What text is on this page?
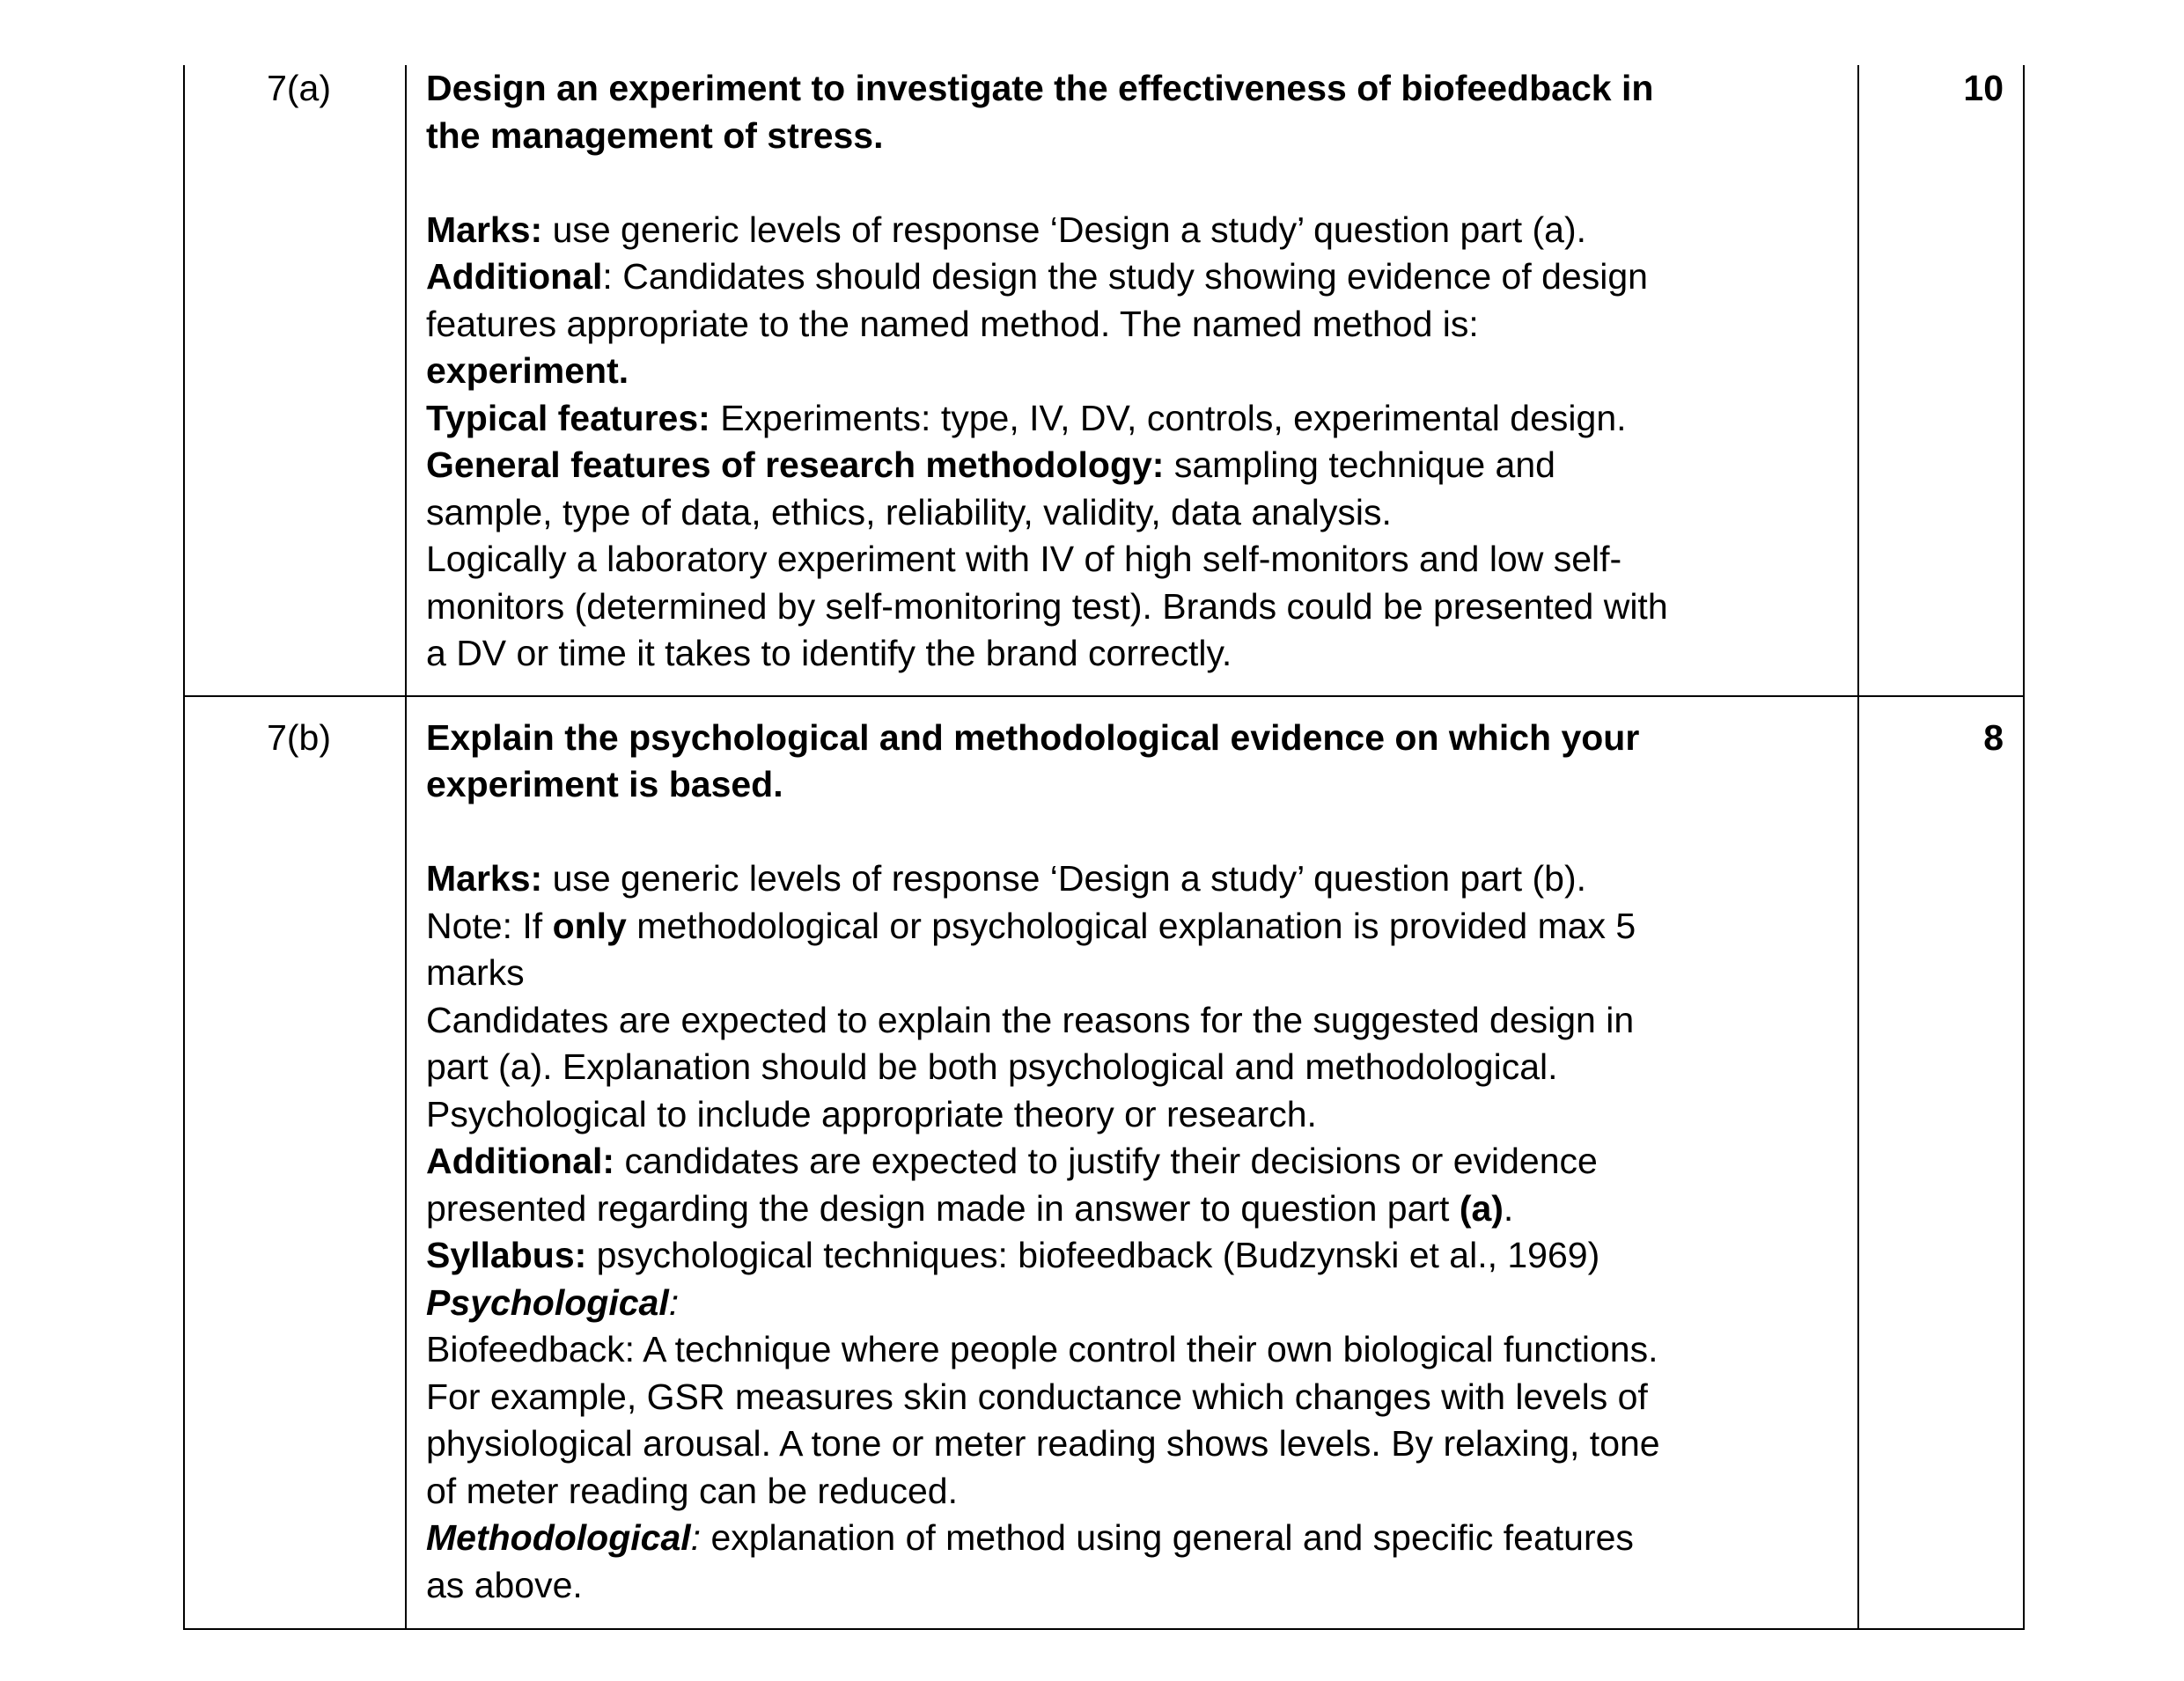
7(a)	Design an experiment to investigate the effectiveness of biofeedback in
the management of stress.
Marks: use generic levels of response ‘Design a study’ question part (a).
Additional: Candidates should design the study showing evidence of design
features appropriate to the named method. The named method is:
experiment.
Typical features: Experiments: type, IV, DV, controls, experimental design.
General features of research methodology: sampling technique and
sample, type of data, ethics, reliability, validity, data analysis.
Logically a laboratory experiment with IV of high self-monitors and low self-
monitors (determined by self-monitoring test). Brands could be presented with
a DV or time it takes to identify the brand correctly.
10
7(b)	Explain the psychological and methodological evidence on which your
experiment is based.
Marks: use generic levels of response ‘Design a study’ question part (b).
Note: If only methodological or psychological explanation is provided max 5
marks
Candidates are expected to explain the reasons for the suggested design in
part (a). Explanation should be both psychological and methodological.
Psychological to include appropriate theory or research.
Additional: candidates are expected to justify their decisions or evidence
presented regarding the design made in answer to question part (a).
Syllabus: psychological techniques: biofeedback (Budzynski et al., 1969)
Psychological:
Biofeedback: A technique where people control their own biological functions.
For example, GSR measures skin conductance which changes with levels of
physiological arousal. A tone or meter reading shows levels. By relaxing, tone
of meter reading can be reduced.
Methodological: explanation of method using general and specific features
as above.
8
